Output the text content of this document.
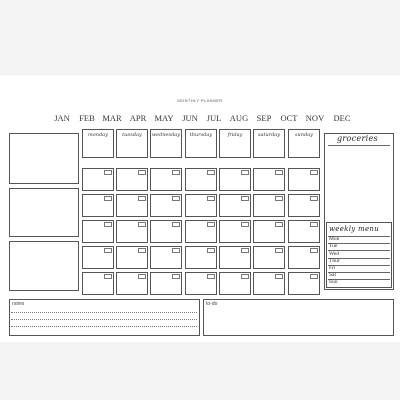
MONTHLY PLANNER
JAN FEB MAR APR MAY JUN JUL AUG SEP OCT NOV DEC
monday	tuesday	wednesday	thursday	friday	saturday	sunday	groceries
weekly menu
Mon
Tue
Wed
Thur
Fri
Sat
Sun
notes	to-do
